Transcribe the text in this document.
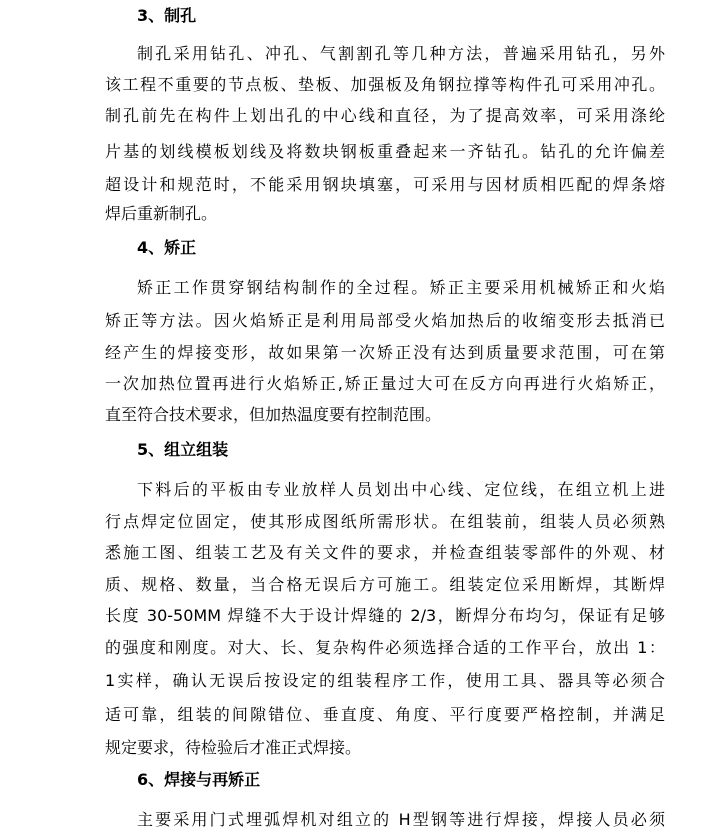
3、制孔
制孔采用钻孔、冲孔、气割割孔等几种方法，普遍采用钻孔，另外
该工程不重要的节点板、垫板、加强板及角钢拉撑等构件孔可采用冲孔。
制孔前先在构件上划出孔的中心线和直径，为了提高效率，可采用涤纶
片基的划线模板划线及将数块钢板重叠起来一齐钻孔。钻孔的允许偏差
超设计和规范时，不能采用钢块填塞，可采用与因材质相匹配的焊条熔
焊后重新制孔。
4、矫正
矫正工作贯穿钢结构制作的全过程。矫正主要采用机械矫正和火焰
矫正等方法。因火焰矫正是利用局部受火焰加热后的收缩变形去抵消已
经产生的焊接变形，故如果第一次矫正没有达到质量要求范围，可在第
一次加热位置再进行火焰矫正,矫正量过大可在反方向再进行火焰矫正，
直至符合技术要求，但加热温度要有控制范围。
5、组立组装
下料后的平板由专业放样人员划出中心线、定位线，在组立机上进
行点焊定位固定，使其形成图纸所需形状。在组装前，组装人员必须熟
悉施工图、组装工艺及有关文件的要求，并检查组装零部件的外观、材
质、规格、数量，当合格无误后方可施工。组装定位采用断焊，其断焊
长度 30-50MM 焊缝不大于设计焊缝的 2/3，断焊分布均匀，保证有足够
的强度和刚度。对大、长、复杂构件必须选择合适的工作平台，放出 1：
1实样，确认无误后按设定的组装程序工作，使用工具、器具等必须合
适可靠，组装的间隙错位、垂直度、角度、平行度要严格控制，并满足
规定要求，待检验后才准正式焊接。
6、焊接与再矫正
主要采用门式埋弧焊机对组立的 H型钢等进行焊接，焊接人员必须
